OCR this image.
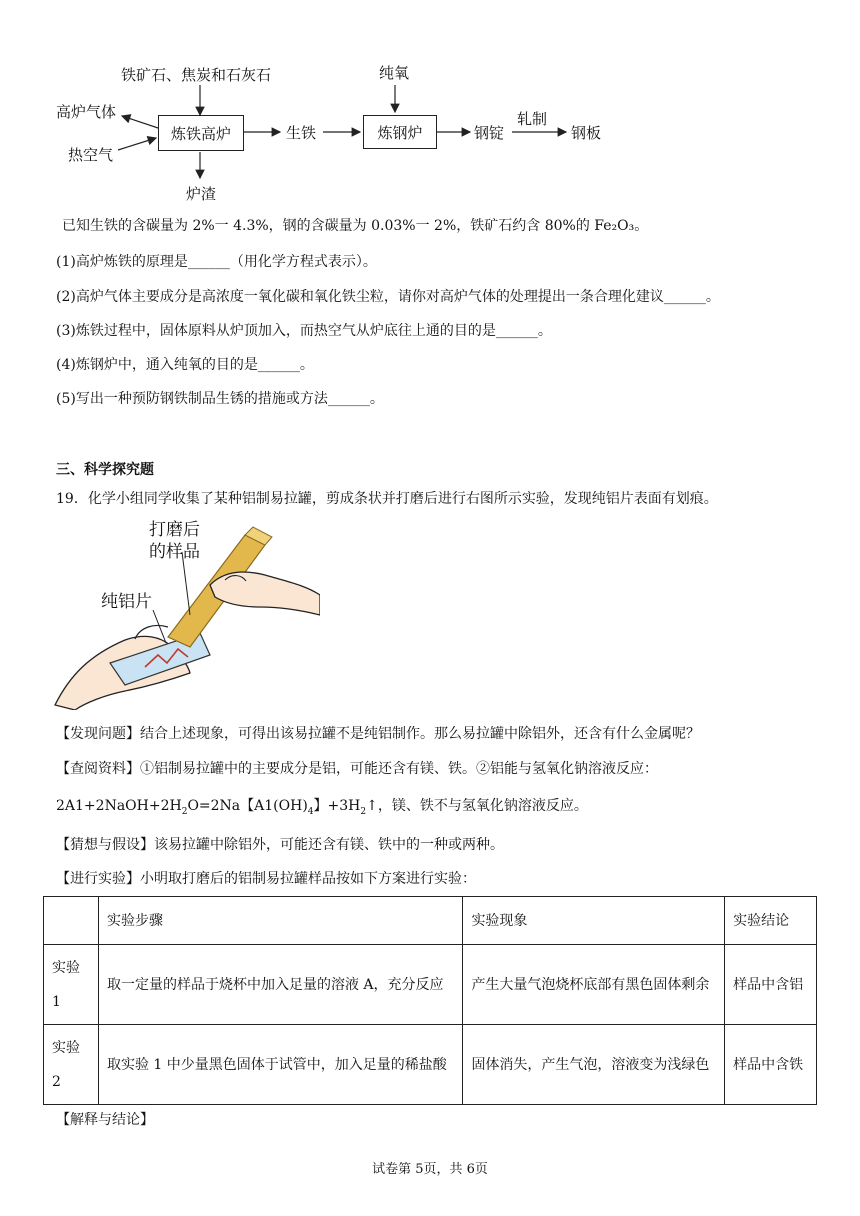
铁矿石、焦炭和石灰石
高炉气体
热空气
炼铁高炉
炉渣
生铁
纯氧
炼钢炉	钢锭
轧制
钢板
已知生铁的含碳量为 2%一 4.3%，钢的含碳量为 0.03%一 2%，铁矿石约含 80%的 Fe₂O₃。
(1)高炉炼铁的原理是______（用化学方程式表示）。
(2)高炉气体主要成分是高浓度一氧化碳和氧化铁尘粒，请你对高炉气体的处理提出一条合理化建议______。
(3)炼铁过程中，固体原料从炉顶加入，而热空气从炉底往上通的目的是______。
(4)炼钢炉中，通入纯氧的目的是______。
(5)写出一种预防钢铁制品生锈的措施或方法______。
三、科学探究题
19．化学小组同学收集了某种铝制易拉罐，剪成条状并打磨后进行右图所示实验，发现纯铝片表面有划痕。
打磨后
的样品
纯铝片
【发现问题】结合上述现象，可得出该易拉罐不是纯铝制作。那么易拉罐中除铝外，还含有什么金属呢？
【查阅资料】①铝制易拉罐中的主要成分是铝，可能还含有镁、铁。②铝能与氢氧化钠溶液反应：
$2A1+2NaOH+2H_2O=2Na$【$A1(OH)_4$】$+3H_2↑$，镁、铁不与氢氧化钠溶液反应。
【猜想与假设】该易拉罐中除铝外，可能还含有镁、铁中的一种或两种。
【进行实验】小明取打磨后的铝制易拉罐样品按如下方案进行实验：
	实验步骤	实验现象	实验结论
实验 1	取一定量的样品于烧杯中加入足量的溶液 A，充分反应	产生大量气泡烧杯底部有黑色固体剩余	样品中含铝
实验 2	取实验 1 中少量黑色固体于试管中，加入足量的稀盐酸	固体消失，产生气泡，溶液变为浅绿色	样品中含铁
【解释与结论】
试卷第 5页，共 6页
